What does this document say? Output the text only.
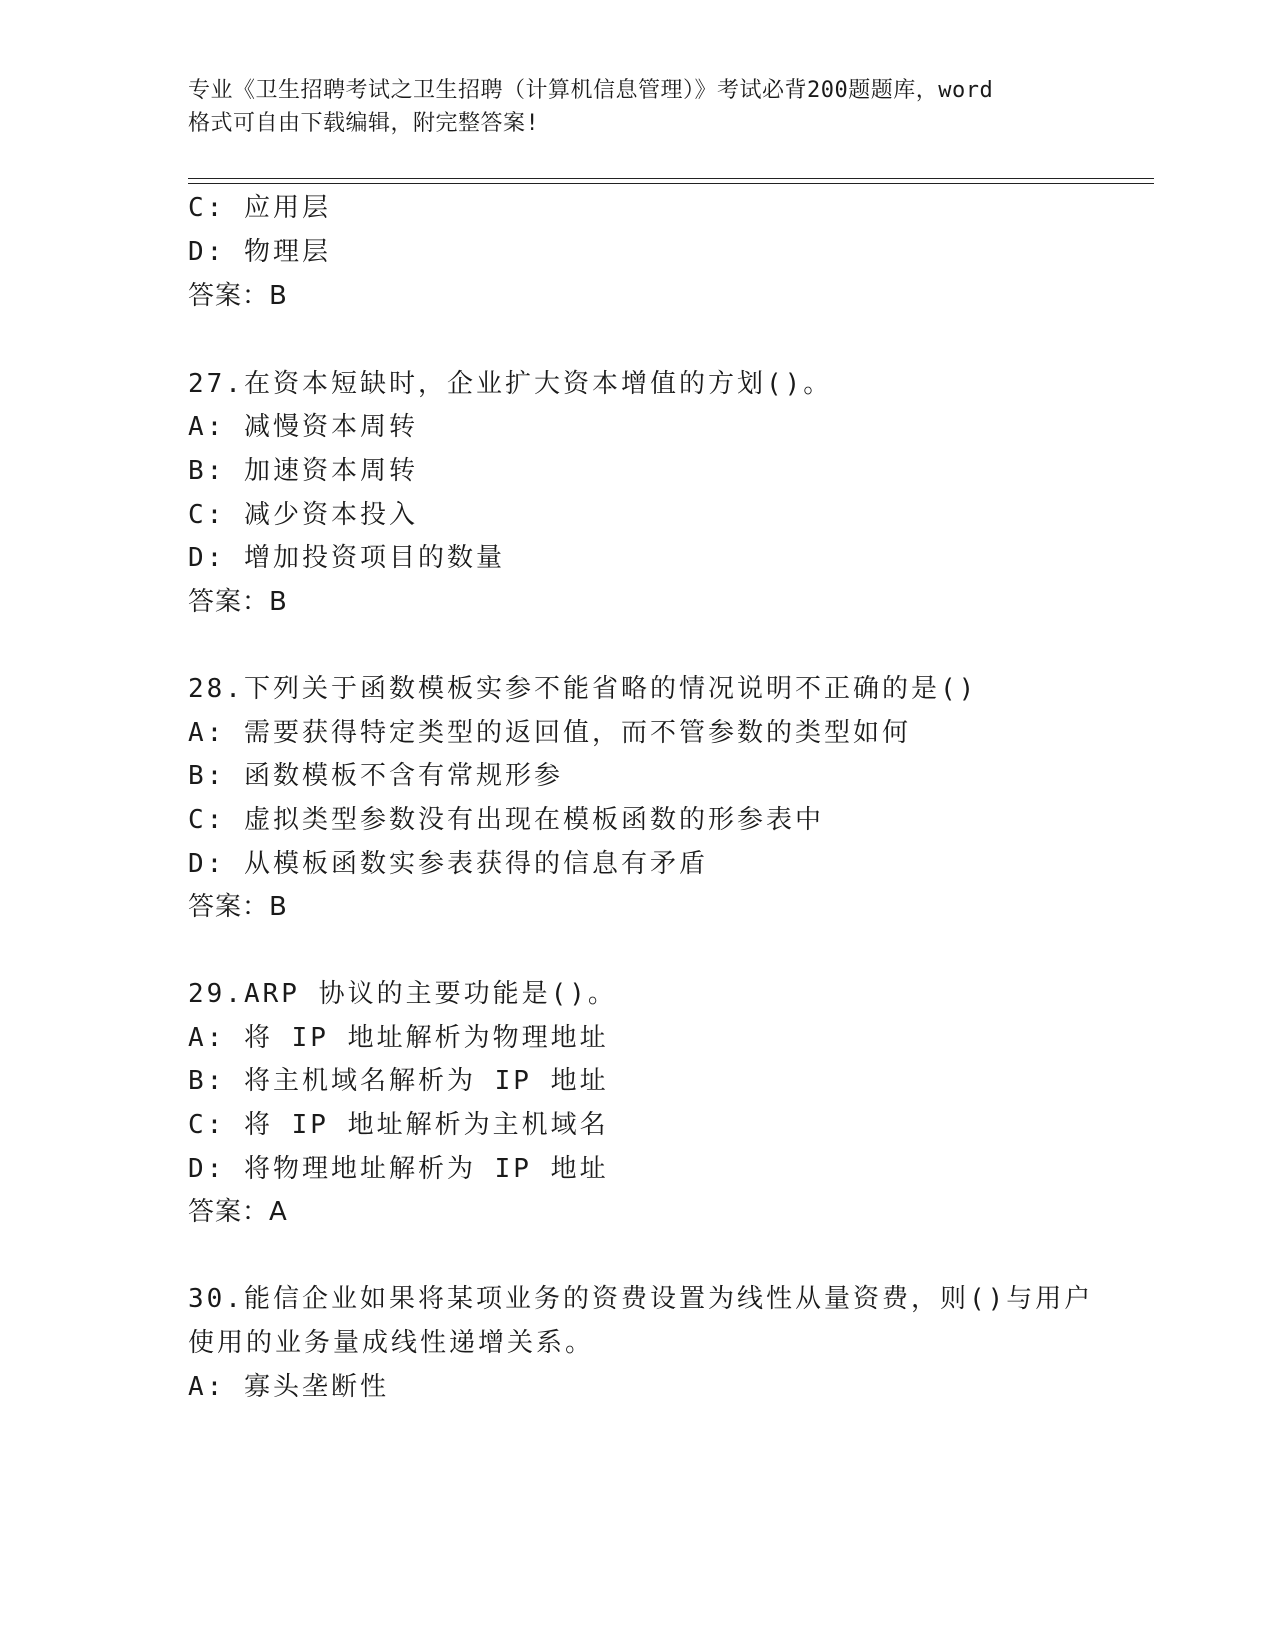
专业《卫生招聘考试之卫生招聘（计算机信息管理）》考试必背200题题库，word
格式可自由下载编辑，附完整答案!
C: 应用层
D: 物理层
答案：B
27.在资本短缺时，企业扩大资本增值的方划()。
A: 减慢资本周转
B: 加速资本周转
C: 减少资本投入
D: 增加投资项目的数量
答案：B
28.下列关于函数模板实参不能省略的情况说明不正确的是()
A: 需要获得特定类型的返回值，而不管参数的类型如何
B: 函数模板不含有常规形参
C: 虚拟类型参数没有出现在模板函数的形参表中
D: 从模板函数实参表获得的信息有矛盾
答案：B
29.ARP 协议的主要功能是()。
A: 将 IP 地址解析为物理地址
B: 将主机域名解析为 IP 地址
C: 将 IP 地址解析为主机域名
D: 将物理地址解析为 IP 地址
答案：A
30.能信企业如果将某项业务的资费设置为线性从量资费，则()与用户
使用的业务量成线性递增关系。
A: 寡头垄断性
